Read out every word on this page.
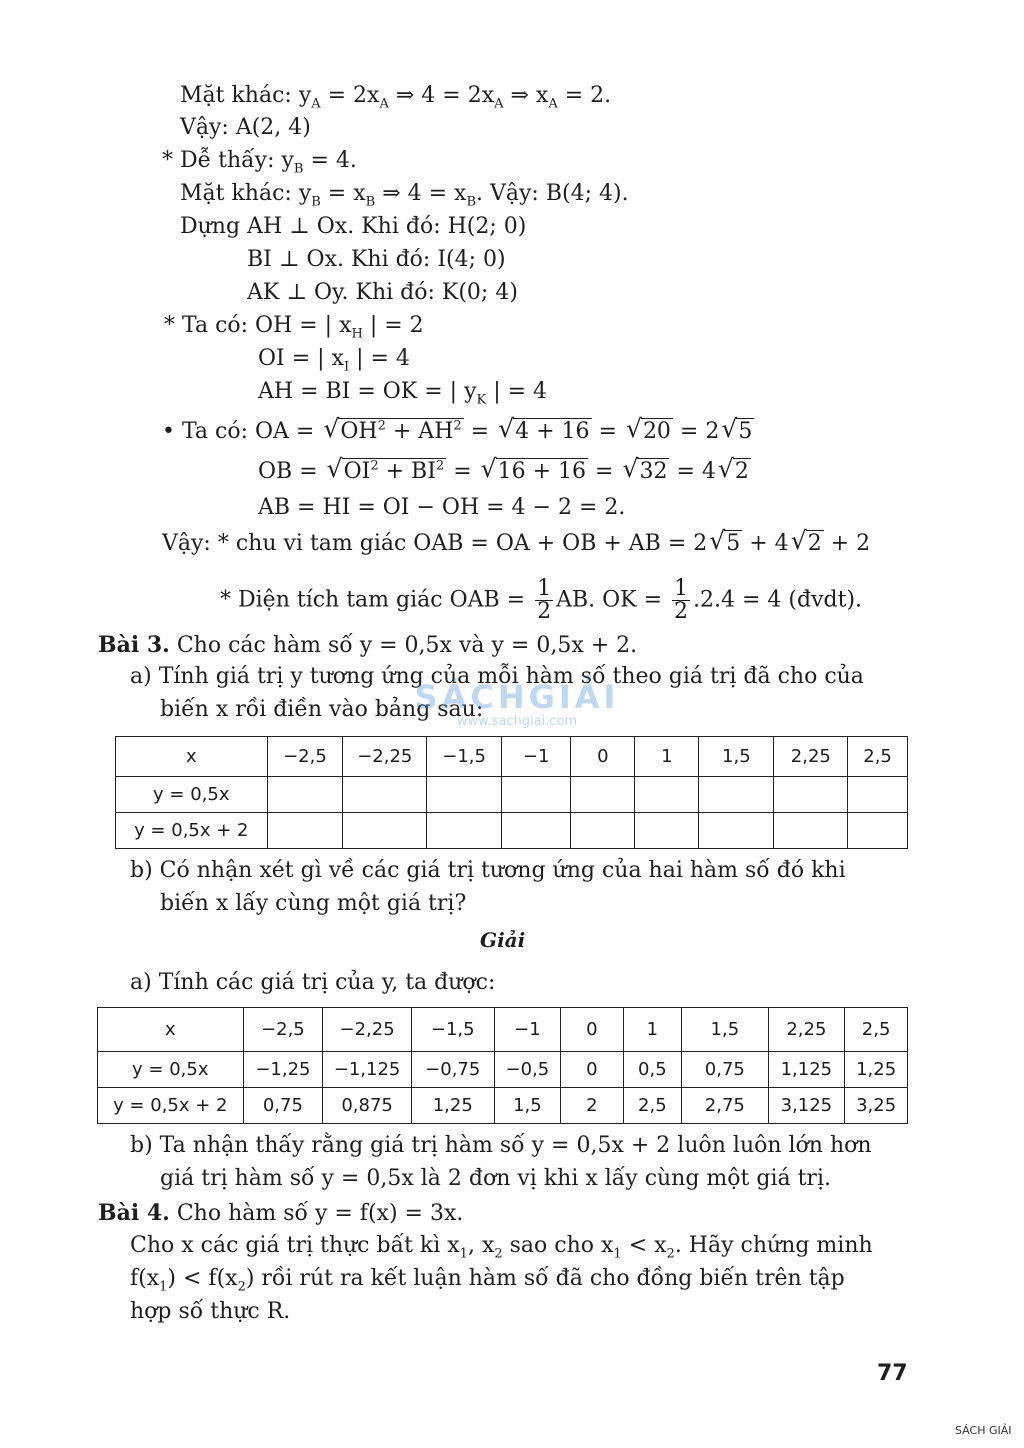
Mặt khác: $y_A = 2x_A$ ⇒ $4 = 2x_A$ ⇒ $x_A = 2$.
Vậy: A(2, 4)
* Dễ thấy: $y_B = 4$.
Mặt khác: $y_B = x_B$ ⇒ $4 = x_B$. Vậy: B(4; 4).
Dựng AH ⊥ Ox. Khi đó: H(2; 0)
BI ⊥ Ox. Khi đó: I(4; 0)
AK ⊥ Oy. Khi đó: K(0; 4)
* Ta có: OH = | $x_H$ | = 2
OI = | $x_I$ | = 4
AH = BI = OK = | $y_K$ | = 4
• Ta có: OA = √ $OH^2 + AH^2$ = √ 4 + 16 = √ 20 = 2 √ 5
OB = √ $OI^2 + BI^2$ = √ 16 + 16 = √ 32 = 4 √ 2
AB = HI = OI − OH = 4 − 2 = 2.
Vậy: * chu vi tam giác OAB = OA + OB + AB = 2 √ 5 + 4 √ 2 + 2
* Diện tích tam giác OAB = $\frac{1}{2}$ AB. OK = $\frac{1}{2} .2.4 = 4$ (đvdt).
Bài 3. Cho các hàm số y = 0,5x và y = 0,5x + 2.
a) Tính giá trị y tương ứng của mỗi hàm số theo giá trị đã cho của
biến x rồi điền vào bảng sau:
x	−2,5	−2,25	−1,5	−1	0	1	1,5	2,25	2,5
y = 0,5x									
y = 0,5x + 2									
b) Có nhận xét gì về các giá trị tương ứng của hai hàm số đó khi
biến x lấy cùng một giá trị?
Giải
a) Tính các giá trị của y, ta được:
x	−2,5	−2,25	−1,5	−1	0	1	1,5	2,25	2,5
y = 0,5x	−1,25	−1,125	−0,75	−0,5	0	0,5	0,75	1,125	1,25
y = 0,5x + 2	0,75	0,875	1,25	1,5	2	2,5	2,75	3,125	3,25
b) Ta nhận thấy rằng giá trị hàm số y = 0,5x + 2 luôn luôn lớn hơn
giá trị hàm số y = 0,5x là 2 đơn vị khi x lấy cùng một giá trị.
Bài 4. Cho hàm số y = f(x) = 3x.
Cho x các giá trị thực bất kì $x_1$, $x_2$ sao cho $x_1 < x_2$. Hãy chứng minh
$f(x_1) < f(x_2)$ rồi rút ra kết luận hàm số đã cho đồng biến trên tập
hợp số thực R.
77
SÁCHGIẢI
www.sachgiai.com
SÁCH GIẢI
